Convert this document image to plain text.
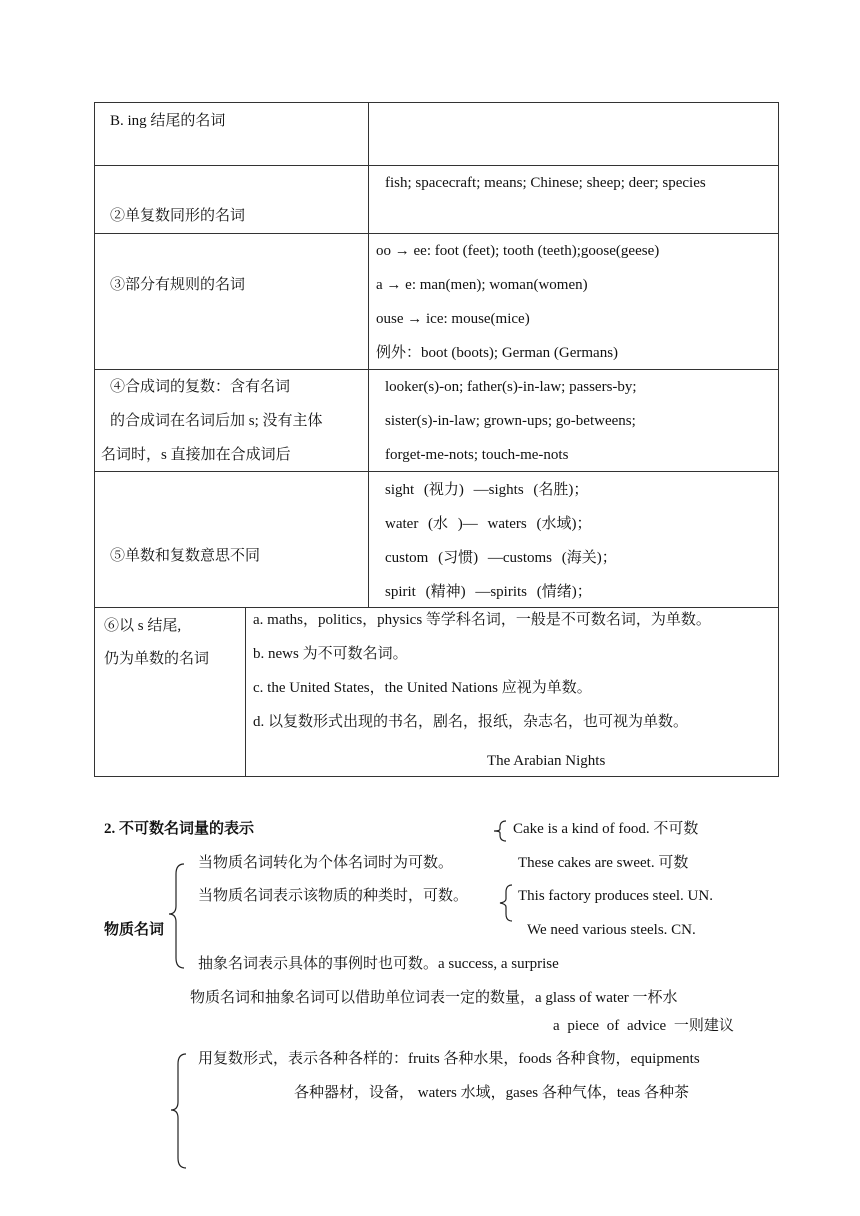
B. ing 结尾的名词
②单复数同形的名词
fish; spacecraft; means; Chinese; sheep; deer; species
③部分有规则的名词
oo → ee: foot (feet); tooth (teeth);goose(geese)
a → e: man(men); woman(women)
ouse → ice: mouse(mice)
例外：boot (boots); German (Germans)
④合成词的复数：含有名词
的合成词在名词后加 s; 没有主体
名词时，s 直接加在合成词后
looker(s)-on; father(s)-in-law; passers-by;
sister(s)-in-law; grown-ups; go-betweens;
forget-me-nots; touch-me-nots
⑤单数和复数意思不同
sight (视力) —sights (名胜)；
water (水 )— waters (水域)；
custom (习惯) —customs (海关)；
spirit (精神) —spirits (情绪)；
⑥以 s 结尾,
仍为单数的名词
a. maths，politics，physics 等学科名词，一般是不可数名词，为单数。
b. news 为不可数名词。
c. the United States，the United Nations 应视为单数。
d. 以复数形式出现的书名，剧名，报纸，杂志名，也可视为单数。
The Arabian Nights
2. 不可数名词量的表示	Cake is a kind of food. 不可数
These cakes are sweet. 可数
当物质名词转化为个体名词时为可数。
当物质名词表示该物质的种类时，可数。	This factory produces steel. UN.
We need various steels. CN.
物质名词
抽象名词表示具体的事例时也可数。a success, a surprise
物质名词和抽象名词可以借助单位词表一定的数量，a glass of water 一杯水
a piece of advice 一则建议
用复数形式，表示各种各样的：fruits 各种水果，foods 各种食物，equipments
各种器材，设备， waters 水域，gases 各种气体，teas 各种茶
